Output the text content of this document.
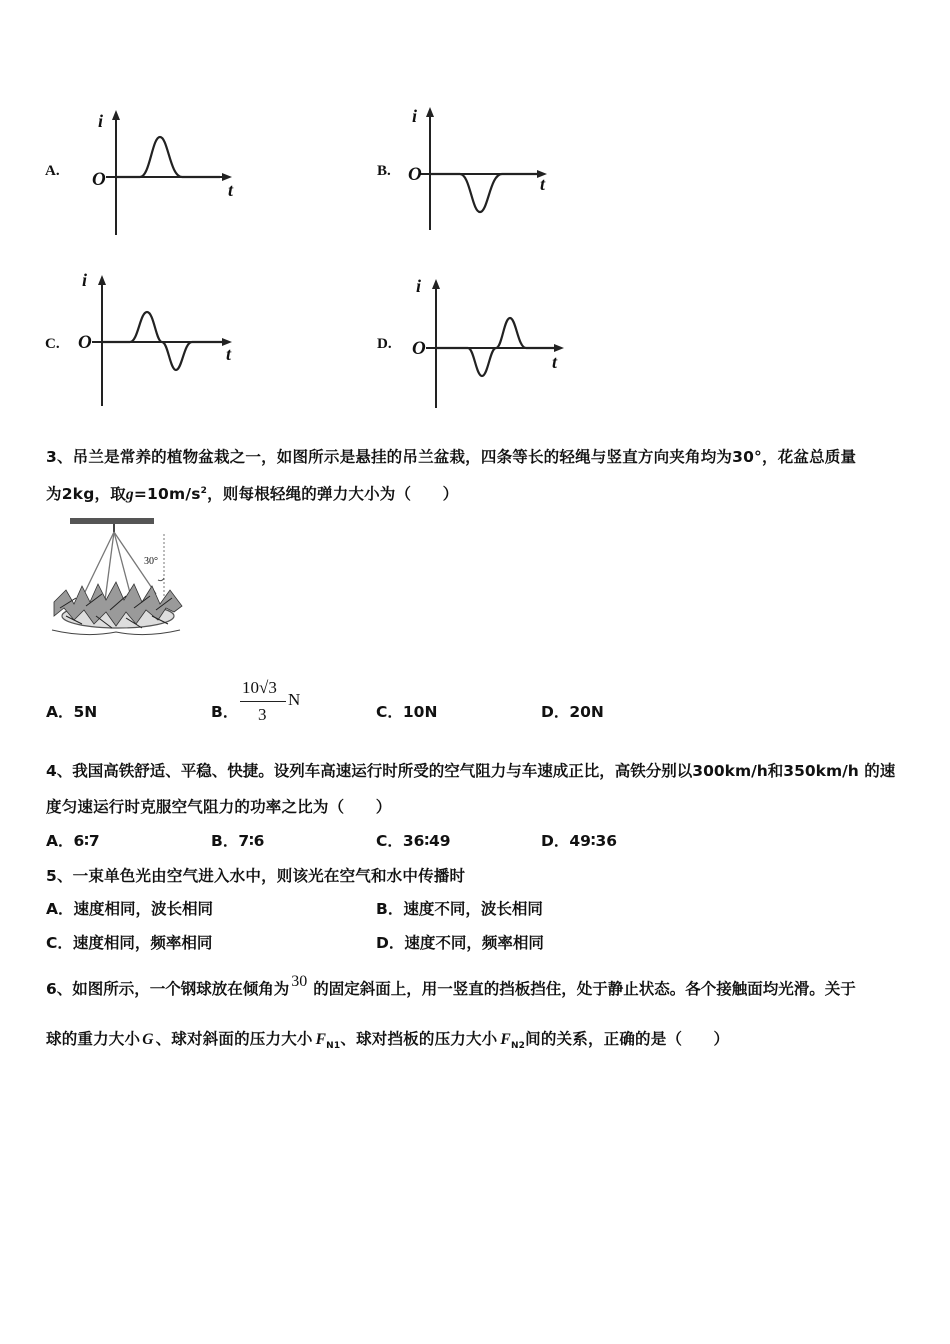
A.
i
t
O	B.
i
t
O
C.
i
t
O	D.
i
t
O
3、吊兰是常养的植物盆栽之一，如图所示是悬挂的吊兰盆栽，四条等长的轻绳与竖直方向夹角均为30°，花盆总质量
为2kg，取$g=10m/s^2$，则每根轻绳的弹力大小为（　　）
30°
A．5N	B．
10√3
3
N
C．10N	D．20N
4、我国高铁舒适、平稳、快捷。设列车高速运行时所受的空气阻力与车速成正比，高铁分别以300km/h和350km/h 的速
度匀速运行时克服空气阻力的功率之比为（　　）
A．6∶7	B．7∶6	C．36∶49	D．49∶36
5、一束单色光由空气进入水中，则该光在空气和水中传播时
A．速度相同，波长相同	B．速度不同，波长相同
C．速度相同，频率相同	D．速度不同，频率相同
6、如图所示，一个钢球放在倾角为 30 的固定斜面上，用一竖直的挡板挡住，处于静止状态。各个接触面均光滑。关于
球的重力大小 G 、球对斜面的压力大小 $F_{N1}$、球对挡板的压力大小 $F_{N2}$间的关系，正确的是（　　）
